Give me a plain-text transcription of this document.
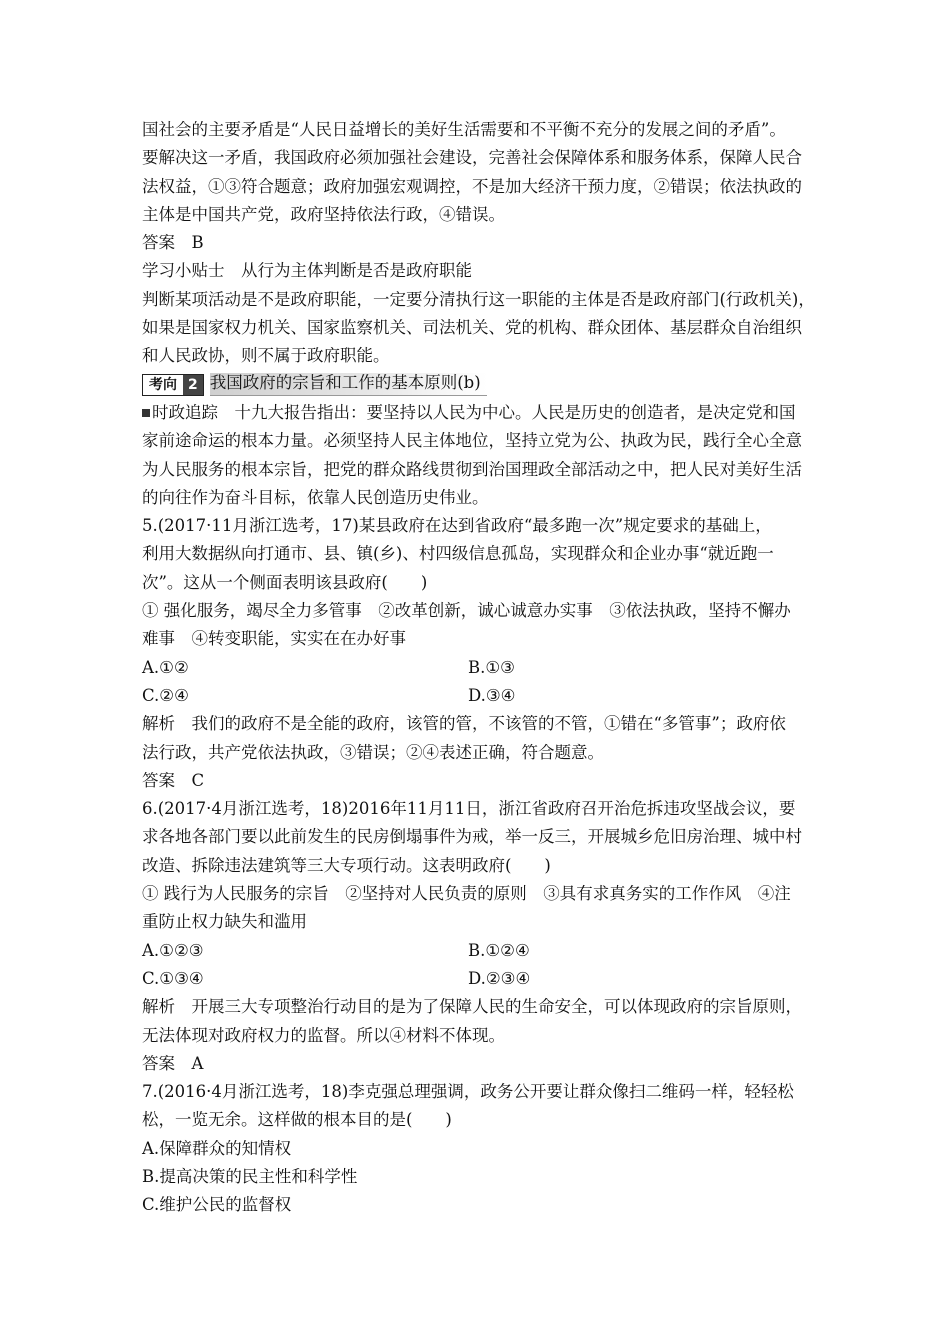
国社会的主要矛盾是“人民日益增长的美好生活需要和不平衡不充分的发展之间的矛盾”。
要解决这一矛盾，我国政府必须加强社会建设，完善社会保障体系和服务体系，保障人民合
法权益，①③符合题意；政府加强宏观调控，不是加大经济干预力度，②错误；依法执政的
主体是中国共产党，政府坚持依法行政，④错误。
答案　B
学习小贴士　从行为主体判断是否是政府职能
判断某项活动是不是政府职能，一定要分清执行这一职能的主体是否是政府部门(行政机关)，
如果是国家权力机关、国家监察机关、司法机关、党的机构、群众团体、基层群众自治组织
和人民政协，则不属于政府职能。
考向 2 我国政府的宗旨和工作的基本原则(b)
时政追踪　十九大报告指出：要坚持以人民为中心。人民是历史的创造者，是决定党和国
家前途命运的根本力量。必须坚持人民主体地位，坚持立党为公、执政为民，践行全心全意
为人民服务的根本宗旨，把党的群众路线贯彻到治国理政全部活动之中，把人民对美好生活
的向往作为奋斗目标，依靠人民创造历史伟业。
5.(2017·11月浙江选考，17)某县政府在达到省政府“最多跑一次”规定要求的基础上，
利用大数据纵向打通市、县、镇(乡)、村四级信息孤岛，实现群众和企业办事“就近跑一
次”。这从一个侧面表明该县政府(　　)
① 强化服务，竭尽全力多管事　②改革创新，诚心诚意办实事　③依法执政，坚持不懈办
难事　④转变职能，实实在在办好事
A.①②	B.①③
C.②④	D.③④
解析　我们的政府不是全能的政府，该管的管，不该管的不管，①错在“多管事”；政府依
法行政，共产党依法执政，③错误；②④表述正确，符合题意。
答案　C
6.(2017·4月浙江选考，18)2016年11月11日，浙江省政府召开治危拆违攻坚战会议，要
求各地各部门要以此前发生的民房倒塌事件为戒，举一反三，开展城乡危旧房治理、城中村
改造、拆除违法建筑等三大专项行动。这表明政府(　　)
① 践行为人民服务的宗旨　②坚持对人民负责的原则　③具有求真务实的工作作风　④注
重防止权力缺失和滥用
A.①②③	B.①②④
C.①③④	D.②③④
解析　开展三大专项整治行动目的是为了保障人民的生命安全，可以体现政府的宗旨原则，
无法体现对政府权力的监督。所以④材料不体现。
答案　A
7.(2016·4月浙江选考，18)李克强总理强调，政务公开要让群众像扫二维码一样，轻轻松
松，一览无余。这样做的根本目的是(　　)
A.保障群众的知情权
B.提高决策的民主性和科学性
C.维护公民的监督权
